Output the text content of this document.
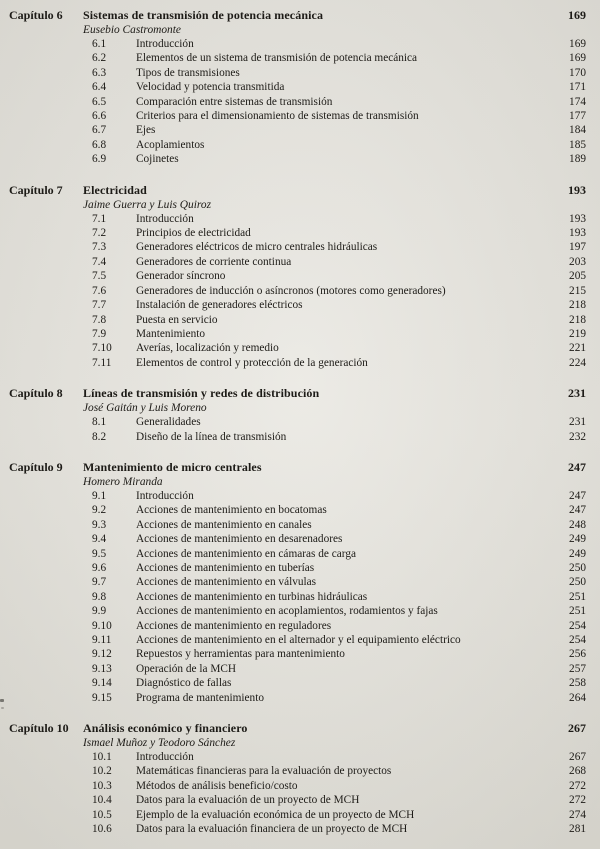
Capítulo 6	Sistemas de transmisión de potencia mecánica	169
Eusebio Castromonte
6.1	Introducción	169
6.2	Elementos de un sistema de transmisión de potencia mecánica	169
6.3	Tipos de transmisiones	170
6.4	Velocidad y potencia transmitida	171
6.5	Comparación entre sistemas de transmisión	174
6.6	Criterios para el dimensionamiento de sistemas de transmisión	177
6.7	Ejes	184
6.8	Acoplamientos	185
6.9	Cojinetes	189
Capítulo 7	Electricidad	193
Jaime Guerra y Luis Quiroz
7.1	Introducción	193
7.2	Principios de electricidad	193
7.3	Generadores eléctricos de micro centrales hidráulicas	197
7.4	Generadores de corriente continua	203
7.5	Generador síncrono	205
7.6	Generadores de inducción o asíncronos (motores como generadores)	215
7.7	Instalación de generadores eléctricos	218
7.8	Puesta en servicio	218
7.9	Mantenimiento	219
7.10	Averías, localización y remedio	221
7.11	Elementos de control y protección de la generación	224
Capítulo 8	Líneas de transmisión y redes de distribución	231
José Gaitán y Luis Moreno
8.1	Generalidades	231
8.2	Diseño de la línea de transmisión	232
Capítulo 9	Mantenimiento de micro centrales	247
Homero Miranda
9.1	Introducción	247
9.2	Acciones de mantenimiento en bocatomas	247
9.3	Acciones de mantenimiento en canales	248
9.4	Acciones de mantenimiento en desarenadores	249
9.5	Acciones de mantenimiento en cámaras de carga	249
9.6	Acciones de mantenimiento en tuberías	250
9.7	Acciones de mantenimiento en válvulas	250
9.8	Acciones de mantenimiento en turbinas hidráulicas	251
9.9	Acciones de mantenimiento en acoplamientos, rodamientos y fajas	251
9.10	Acciones de mantenimiento en reguladores	254
9.11	Acciones de mantenimiento en el alternador y el equipamiento eléctrico	254
9.12	Repuestos y herramientas para mantenimiento	256
9.13	Operación de la MCH	257
9.14	Diagnóstico de fallas	258
9.15	Programa de mantenimiento	264
Capítulo 10	Análisis económico y financiero	267
Ismael Muñoz y Teodoro Sánchez
10.1	Introducción	267
10.2	Matemáticas financieras para la evaluación de proyectos	268
10.3	Métodos de análisis beneficio/costo	272
10.4	Datos para la evaluación de un proyecto de MCH	272
10.5	Ejemplo de la evaluación económica de un proyecto de MCH	274
10.6	Datos para la evaluación financiera de un proyecto de MCH	281
